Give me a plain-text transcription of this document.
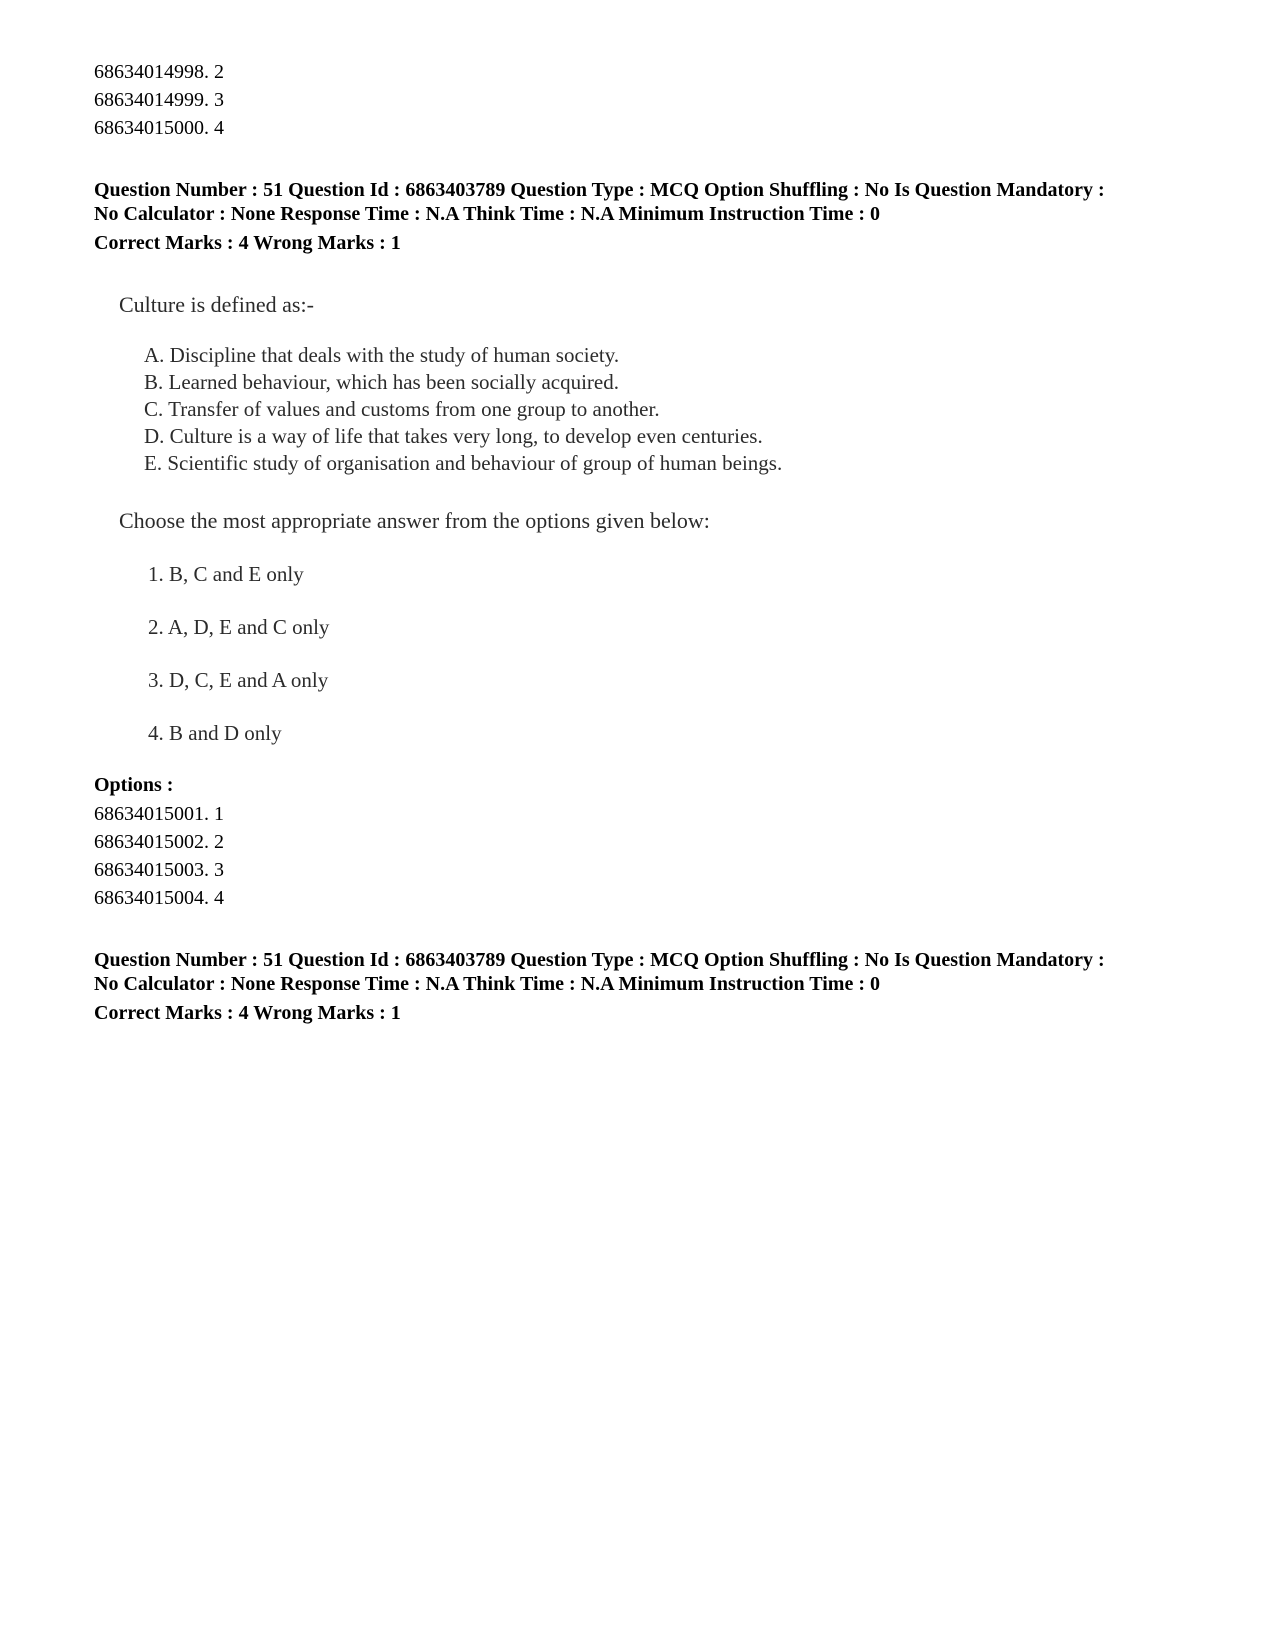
68634014998. 2
68634014999. 3
68634015000. 4
Question Number : 51 Question Id : 6863403789 Question Type : MCQ Option Shuffling : No Is Question Mandatory :
No Calculator : None Response Time : N.A Think Time : N.A Minimum Instruction Time : 0
Correct Marks : 4 Wrong Marks : 1
Culture is defined as:-
A. Discipline that deals with the study of human society.
B. Learned behaviour, which has been socially acquired.
C. Transfer of values and customs from one group to another.
D. Culture is a way of life that takes very long, to develop even centuries.
E. Scientific study of organisation and behaviour of group of human beings.
Choose the most appropriate answer from the options given below:
1. B, C and E only
2. A, D, E and C only
3. D, C, E and A only
4. B and D only
Options :
68634015001. 1
68634015002. 2
68634015003. 3
68634015004. 4
Question Number : 51 Question Id : 6863403789 Question Type : MCQ Option Shuffling : No Is Question Mandatory :
No Calculator : None Response Time : N.A Think Time : N.A Minimum Instruction Time : 0
Correct Marks : 4 Wrong Marks : 1
